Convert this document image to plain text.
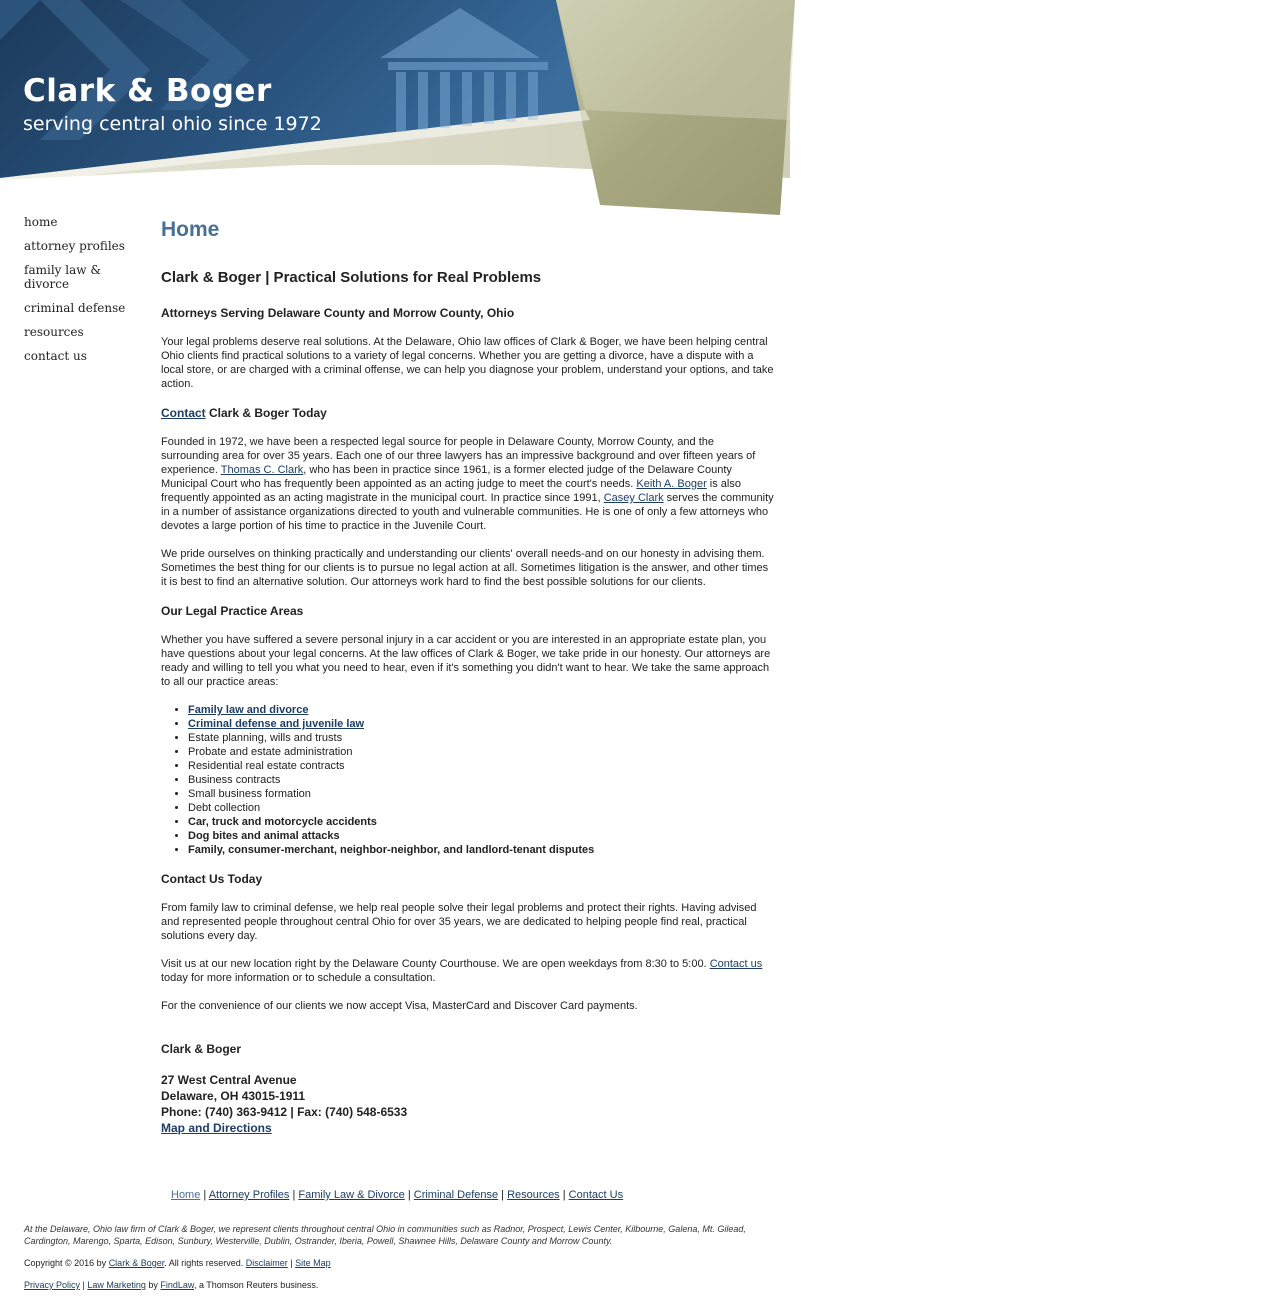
Clark & Boger
serving central ohio since 1972
home
attorney profiles
family law & divorce
criminal defense
resources
contact us
Home
Clark & Boger | Practical Solutions for Real Problems
Attorneys Serving Delaware County and Morrow County, Ohio

Your legal problems deserve real solutions. At the Delaware, Ohio law offices of Clark & Boger, we have been helping central Ohio clients find practical solutions to a variety of legal concerns. Whether you are getting a divorce, have a dispute with a local store, or are charged with a criminal offense, we can help you diagnose your problem, understand your options, and take action.

Contact Clark & Boger Today

Founded in 1972, we have been a respected legal source for people in Delaware County, Morrow County, and the surrounding area for over 35 years. Each one of our three lawyers has an impressive background and over fifteen years of experience. Thomas C. Clark, who has been in practice since 1961, is a former elected judge of the Delaware County Municipal Court who has frequently been appointed as an acting judge to meet the court's needs. Keith A. Boger is also frequently appointed as an acting magistrate in the municipal court. In practice since 1991, Casey Clark serves the community in a number of assistance organizations directed to youth and vulnerable communities. He is one of only a few attorneys who devotes a large portion of his time to practice in the Juvenile Court.

We pride ourselves on thinking practically and understanding our clients' overall needs-and on our honesty in advising them. Sometimes the best thing for our clients is to pursue no legal action at all. Sometimes litigation is the answer, and other times it is best to find an alternative solution. Our attorneys work hard to find the best possible solutions for our clients.

Our Legal Practice Areas

Whether you have suffered a severe personal injury in a car accident or you are interested in an appropriate estate plan, you have questions about your legal concerns. At the law offices of Clark & Boger, we take pride in our honesty. Our attorneys are ready and willing to tell you what you need to hear, even if it's something you didn't want to hear. We take the same approach to all our practice areas:

• Family law and divorce
• Criminal defense and juvenile law
• Estate planning, wills and trusts
• Probate and estate administration
• Residential real estate contracts
• Business contracts
• Small business formation
• Debt collection
• Car, truck and motorcycle accidents
• Dog bites and animal attacks
• Family, consumer-merchant, neighbor-neighbor, and landlord-tenant disputes
Contact Us Today

From family law to criminal defense, we help real people solve their legal problems and protect their rights. Having advised and represented people throughout central Ohio for over 35 years, we are dedicated to helping people find real, practical solutions every day.

Visit us at our new location right by the Delaware County Courthouse. We are open weekdays from 8:30 to 5:00. Contact us today for more information or to schedule a consultation.

For the convenience of our clients we now accept Visa, MasterCard and Discover Card payments.

Clark & Boger
27 West Central Avenue
Delaware, OH 43015-1911
Phone: (740) 363-9412 | Fax: (740) 548-6533
Map and Directions
Home | Attorney Profiles | Family Law & Divorce | Criminal Defense | Resources | Contact Us
At the Delaware, Ohio law firm of Clark & Boger, we represent clients throughout central Ohio in communities such as Radnor, Prospect, Lewis Center, Kilbourne, Galena, Mt. Gilead, Cardington, Marengo, Sparta, Edison, Sunbury, Westerville, Dublin, Ostrander, Iberia, Powell, Shawnee Hills, Delaware County and Morrow County.
Copyright © 2016 by Clark & Boger. All rights reserved. Disclaimer | Site Map
Privacy Policy | Law Marketing by FindLaw, a Thomson Reuters business.
